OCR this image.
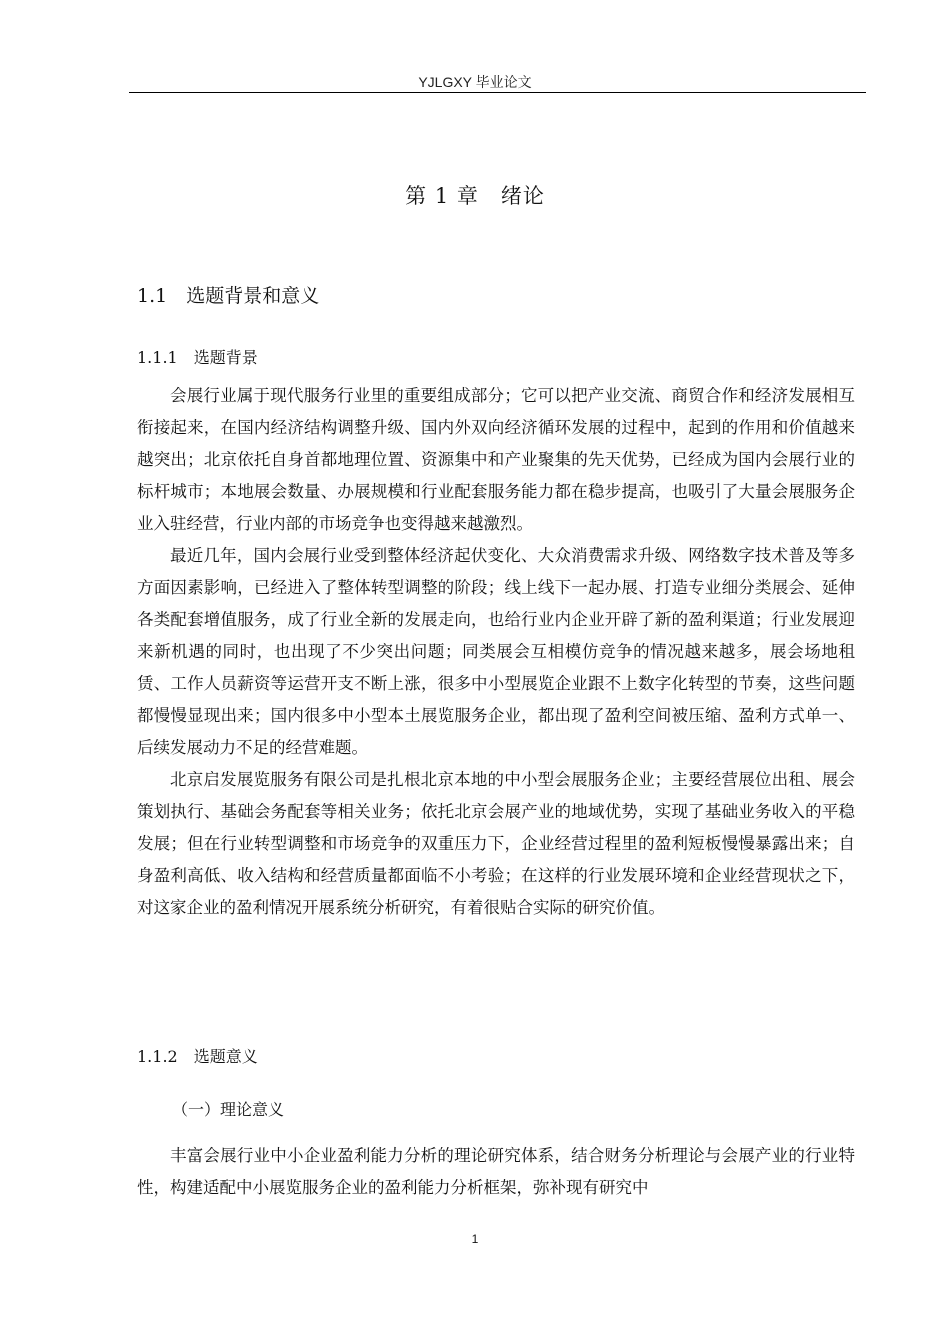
YJLGXY 毕业论文
第 1 章　绪论
1.1　选题背景和意义
1.1.1　选题背景

会展行业属于现代服务行业里的重要组成部分；它可以把产业交流、商贸合作和经济发展相互衔接起来，在国内经济结构调整升级、国内外双向经济循环发展的过程中，起到的作用和价值越来越突出；北京依托自身首都地理位置、资源集中和产业聚集的先天优势，已经成为国内会展行业的标杆城市；本地展会数量、办展规模和行业配套服务能力都在稳步提高，也吸引了大量会展服务企业入驻经营，行业内部的市场竞争也变得越来越激烈。

最近几年，国内会展行业受到整体经济起伏变化、大众消费需求升级、网络数字技术普及等多方面因素影响，已经进入了整体转型调整的阶段；线上线下一起办展、打造专业细分类展会、延伸各类配套增值服务，成了行业全新的发展走向，也给行业内企业开辟了新的盈利渠道；行业发展迎来新机遇的同时，也出现了不少突出问题；同类展会互相模仿竞争的情况越来越多，展会场地租赁、工作人员薪资等运营开支不断上涨，很多中小型展览企业跟不上数字化转型的节奏，这些问题都慢慢显现出来；国内很多中小型本土展览服务企业，都出现了盈利空间被压缩、盈利方式单一、后续发展动力不足的经营难题。

北京启发展览服务有限公司是扎根北京本地的中小型会展服务企业；主要经营展位出租、展会策划执行、基础会务配套等相关业务；依托北京会展产业的地域优势，实现了基础业务收入的平稳发展；但在行业转型调整和市场竞争的双重压力下，企业经营过程里的盈利短板慢慢暴露出来；自身盈利高低、收入结构和经营质量都面临不小考验；在这样的行业发展环境和企业经营现状之下，对这家企业的盈利情况开展系统分析研究，有着很贴合实际的研究价值。

1.1.2　选题意义
（一）理论意义

丰富会展行业中小企业盈利能力分析的理论研究体系，结合财务分析理论与会展产业的行业特性，构建适配中小展览服务企业的盈利能力分析框架，弥补现有研究中

1
